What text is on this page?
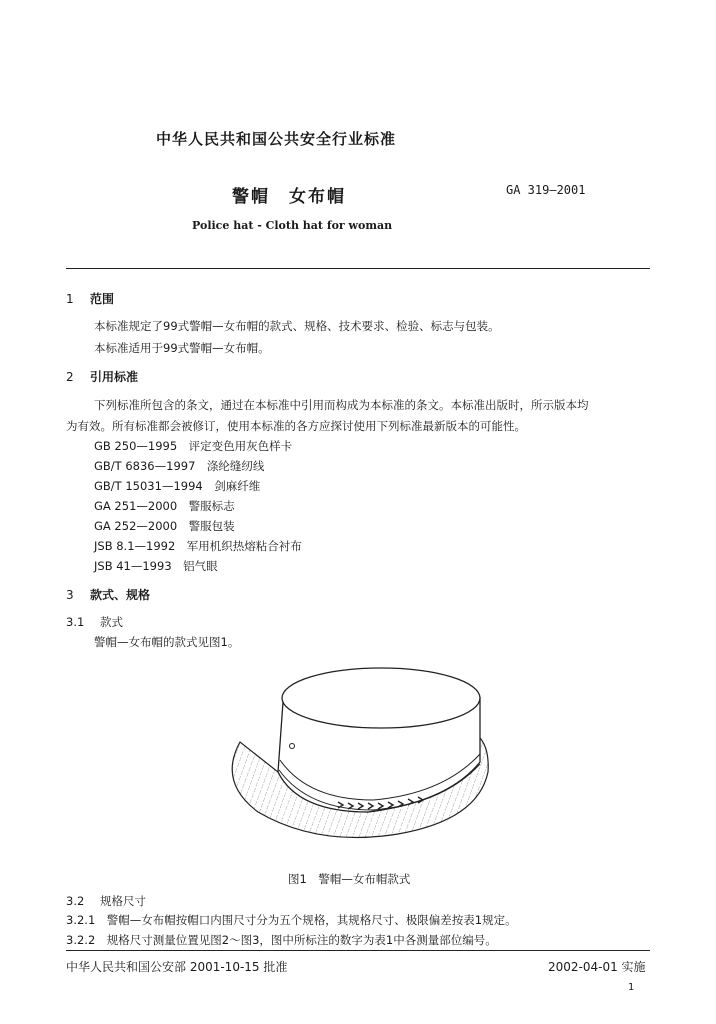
中华人民共和国公共安全行业标准
警帽　女布帽	GA 319—2001
Police hat - Cloth hat for woman
1 范围
本标准规定了99式警帽—女布帽的款式、规格、技术要求、检验、标志与包装。
本标准适用于99式警帽—女布帽。
2 引用标准
下列标准所包含的条文，通过在本标准中引用而构成为本标准的条文。本标准出版时，所示版本均
为有效。所有标准都会被修订，使用本标准的各方应探讨使用下列标准最新版本的可能性。
GB 250—1995　评定变色用灰色样卡
GB/T 6836—1997　涤纶缝纫线
GB/T 15031—1994　剑麻纤维
GA 251—2000　警服标志
GA 252—2000　警服包装
JSB 8.1—1992　军用机织热熔粘合衬布
JSB 41—1993　铝气眼
3 款式、规格
3.1 款式
警帽—女布帽的款式见图1。
图1　警帽—女布帽款式
3.2 规格尺寸
3.2.1　警帽—女布帽按帽口内围尺寸分为五个规格，其规格尺寸、极限偏差按表1规定。
3.2.2　规格尺寸测量位置见图2～图3，图中所标注的数字为表1中各测量部位编号。
中华人民共和国公安部 2001-10-15 批准	2002-04-01 实施
1
